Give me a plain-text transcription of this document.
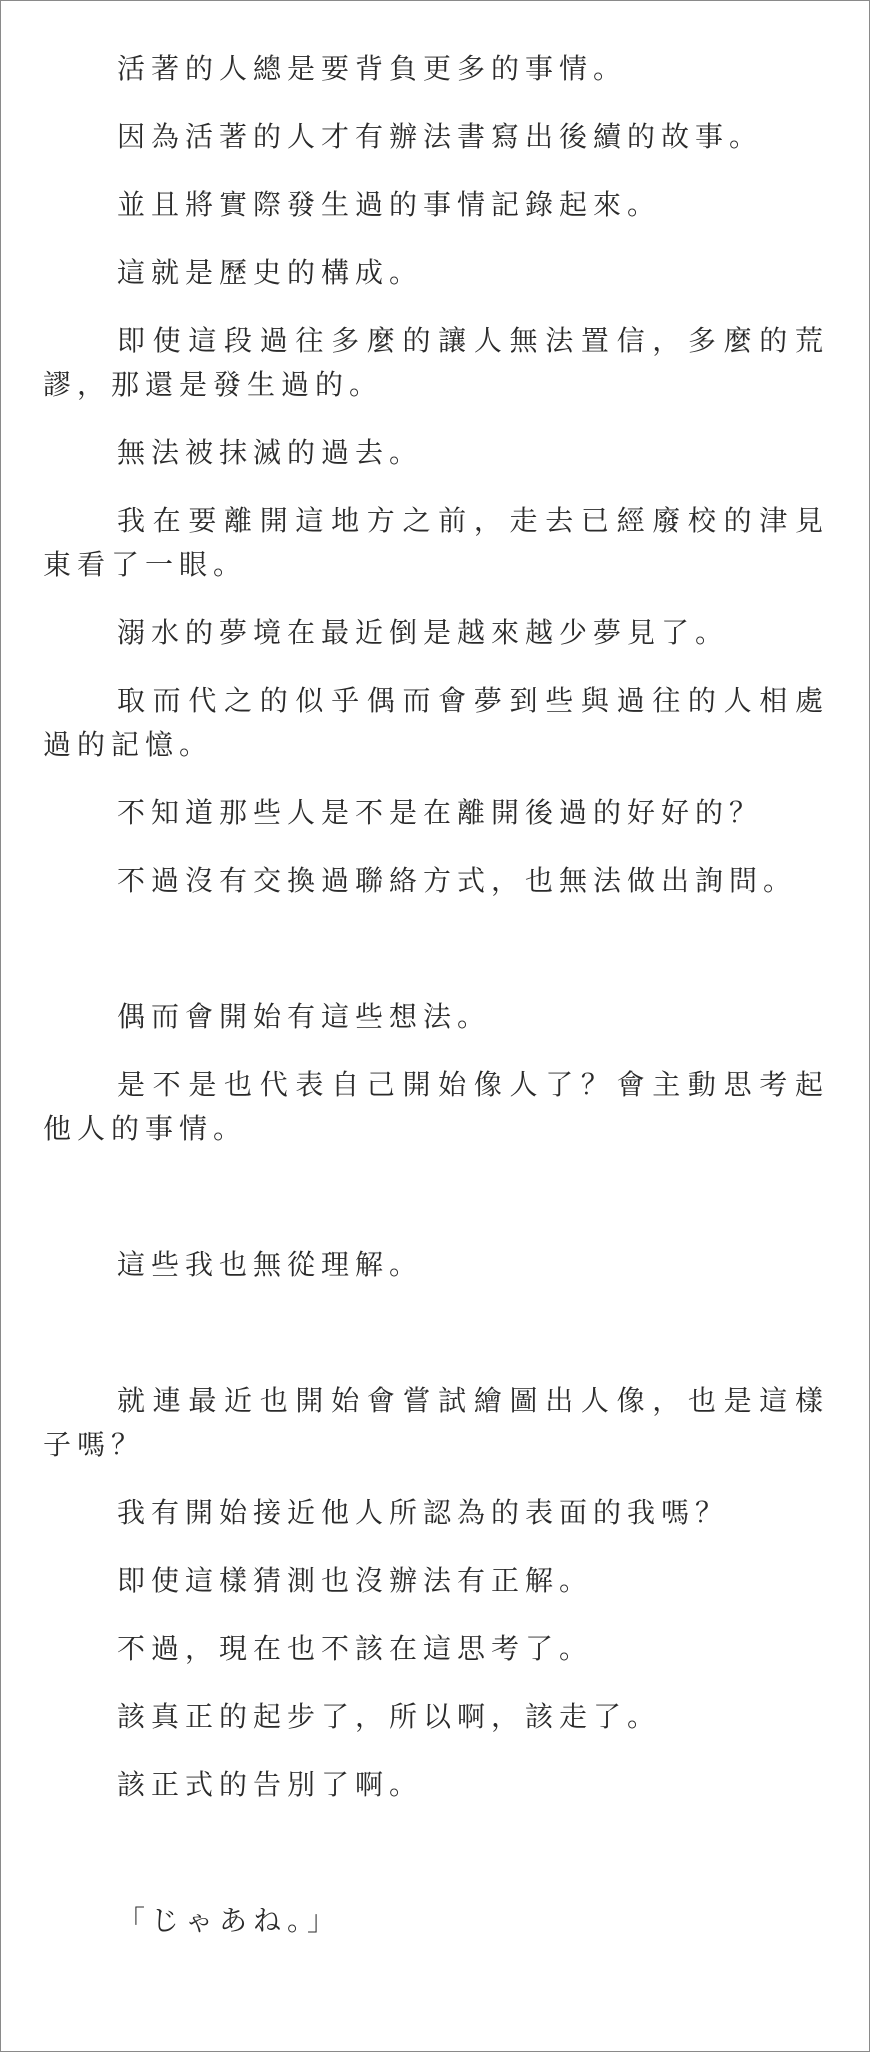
活著的人總是要背負更多的事情。

因為活著的人才有辦法書寫出後續的故事。

並且將實際發生過的事情記錄起來。

這就是歷史的構成。

即使這段過往多麼的讓人無法置信，多麼的荒謬，那還是發生過的。

無法被抹滅的過去。

我在要離開這地方之前，走去已經廢校的津見東看了一眼。

溺水的夢境在最近倒是越來越少夢見了。

取而代之的似乎偶而會夢到些與過往的人相處過的記憶。

不知道那些人是不是在離開後過的好好的？

不過沒有交換過聯絡方式，也無法做出詢問。

偶而會開始有這些想法。

是不是也代表自己開始像人了？會主動思考起他人的事情。

這些我也無從理解。

就連最近也開始會嘗試繪圖出人像，也是這樣子嗎？

我有開始接近他人所認為的表面的我嗎？

即使這樣猜測也沒辦法有正解。

不過，現在也不該在這思考了。

該真正的起步了，所以啊，該走了。

該正式的告別了啊。

「じゃあね。」
